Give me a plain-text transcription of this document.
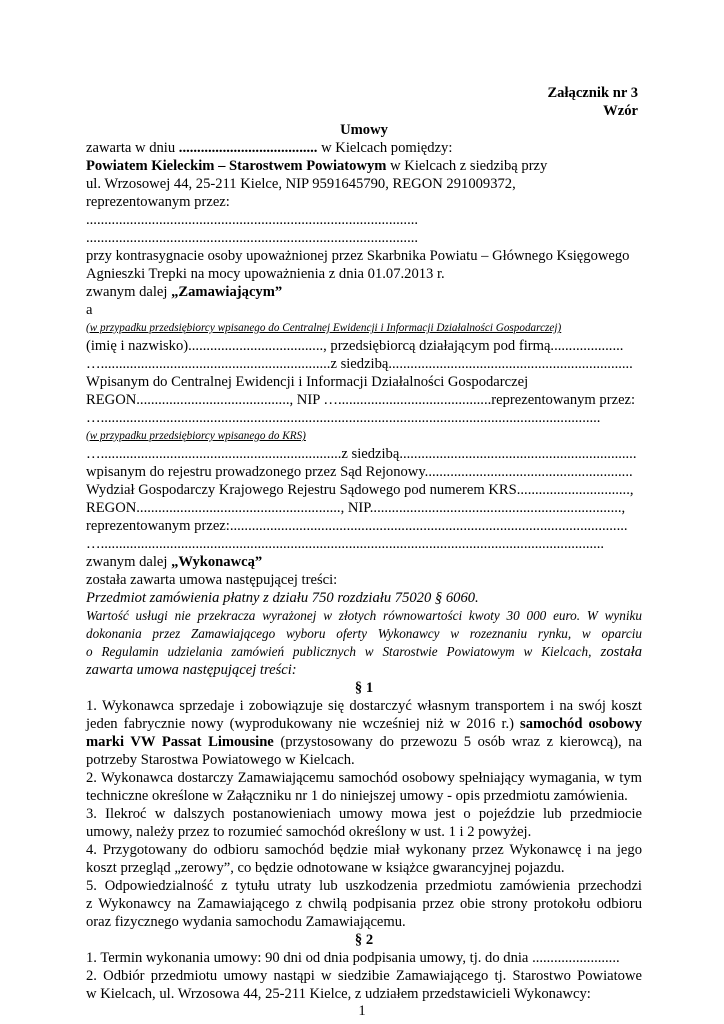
Załącznik nr 3
Wzór
Umowy
zawarta w dniu ...................................... w Kielcach pomiędzy:
Powiatem Kieleckim – Starostwem Powiatowym w Kielcach z siedzibą przy
ul. Wrzosowej 44, 25-211 Kielce, NIP 9591645790, REGON 291009372,
reprezentowanym przez:
...........................................................................................
...........................................................................................
przy kontrasygnacie osoby upoważnionej przez Skarbnika Powiatu – Głównego Księgowego
Agnieszki Trepki na mocy upoważnienia z dnia 01.07.2013 r.
zwanym dalej „Zamawiającym”
a
(w przypadku przedsiębiorcy wpisanego do Centralnej Ewidencji i Informacji Działalności Gospodarczej)
(imię i nazwisko)....................................., przedsiębiorcą działającym pod firmą....................
…...............................................................z siedzibą...................................................................
Wpisanym do Centralnej Ewidencji i Informacji Działalności Gospodarczej
REGON.........................................., NIP …..........................................reprezentowanym przez:
….........................................................................................................................................
(w przypadku przedsiębiorcy wpisanego do KRS)
…..................................................................z siedzibą.................................................................
wpisanym do rejestru prowadzonego przez Sąd Rejonowy.........................................................
Wydział Gospodarczy Krajowego Rejestru Sądowego pod numerem KRS...............................,
REGON........................................................, NIP.....................................................................,
reprezentowanym przez:.............................................................................................................
…..........................................................................................................................................
zwanym dalej „Wykonawcą”
została zawarta umowa następującej treści:
Przedmiot zamówienia płatny z działu 750 rozdziału 75020 § 6060.
Wartość usługi nie przekracza wyrażonej w złotych równowartości kwoty 30 000 euro. W wyniku
dokonania przez Zamawiającego wyboru oferty Wykonawcy w rozeznaniu rynku, w oparciu
o Regulamin udzielania zamówień publicznych w Starostwie Powiatowym w Kielcach, została
zawarta umowa następującej treści:
§ 1
1. Wykonawca sprzedaje i zobowiązuje się dostarczyć własnym transportem i na swój koszt
jeden fabrycznie nowy (wyprodukowany nie wcześniej niż w 2016 r.) samochód osobowy
marki VW Passat Limousine (przystosowany do przewozu 5 osób wraz z kierowcą), na
potrzeby Starostwa Powiatowego w Kielcach.
2. Wykonawca dostarczy Zamawiającemu samochód osobowy spełniający wymagania, w tym
techniczne określone w Załączniku nr 1 do niniejszej umowy - opis przedmiotu zamówienia.
3. Ilekroć w dalszych postanowieniach umowy mowa jest o pojeździe lub przedmiocie
umowy, należy przez to rozumieć samochód określony w ust. 1 i 2 powyżej.
4. Przygotowany do odbioru samochód będzie miał wykonany przez Wykonawcę i na jego
koszt przegląd „zerowy”, co będzie odnotowane w książce gwarancyjnej pojazdu.
5. Odpowiedzialność z tytułu utraty lub uszkodzenia przedmiotu zamówienia przechodzi
z Wykonawcy na Zamawiającego z chwilą podpisania przez obie strony protokołu odbioru
oraz fizycznego wydania samochodu Zamawiającemu.
§ 2
1. Termin wykonania umowy: 90 dni od dnia podpisania umowy, tj. do dnia ........................
2. Odbiór przedmiotu umowy nastąpi w siedzibie Zamawiającego tj. Starostwo Powiatowe
w Kielcach, ul. Wrzosowa 44, 25-211 Kielce, z udziałem przedstawicieli Wykonawcy:
1
